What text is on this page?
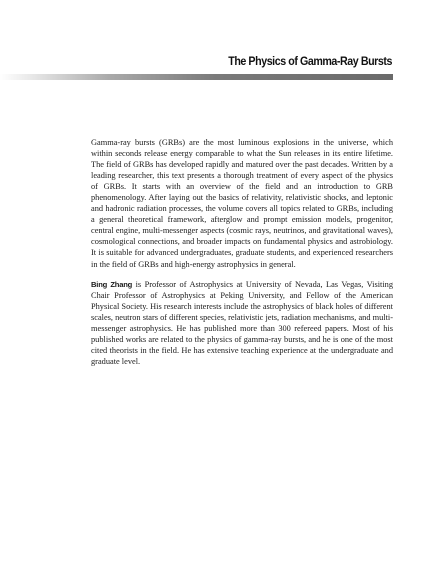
The Physics of Gamma-Ray Bursts

Gamma-ray bursts (GRBs) are the most luminous explosions in the universe, which within seconds release energy comparable to what the Sun releases in its entire lifetime. The field of GRBs has developed rapidly and matured over the past decades. Written by a leading researcher, this text presents a thorough treatment of every aspect of the physics of GRBs. It starts with an overview of the field and an introduction to GRB phenomenology. After laying out the basics of relativity, relativistic shocks, and leptonic and hadronic radiation processes, the volume covers all topics related to GRBs, including a general theoretical framework, afterglow and prompt emission models, progenitor, central engine, multi-messenger aspects (cosmic rays, neutrinos, and gravitational waves), cosmological connections, and broader impacts on fundamental physics and astrobiology. It is suitable for advanced undergraduates, graduate students, and experienced researchers in the field of GRBs and high-energy astrophysics in general.

Bing Zhang is Professor of Astrophysics at University of Nevada, Las Vegas, Visiting Chair Professor of Astrophysics at Peking University, and Fellow of the American Physical Society. His research interests include the astrophysics of black holes of different scales, neutron stars of different species, relativistic jets, radiation mechanisms, and multi-messenger astrophysics. He has published more than 300 refereed papers. Most of his published works are related to the physics of gamma-ray bursts, and he is one of the most cited theorists in the field. He has extensive teaching experience at the undergraduate and graduate level.
